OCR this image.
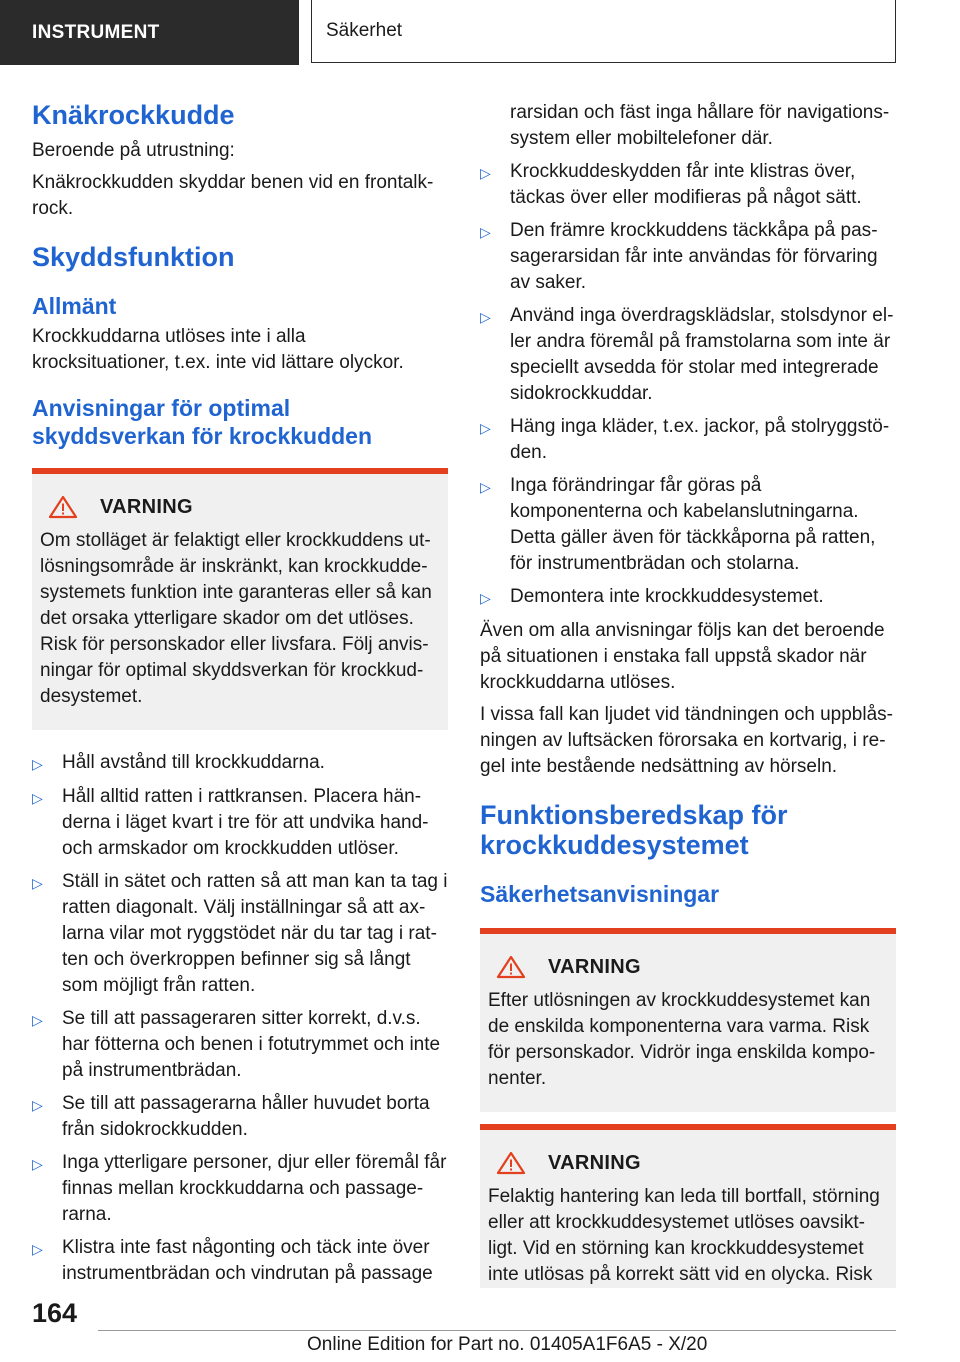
INSTRUMENT	Säkerhet
Knäkrockkudde

Beroende på utrustning:

Knäkrockkudden skyddar benen vid en frontalkrock.

Skyddsfunktion
Allmänt

Krockkuddarna utlöses inte i alla krocksituationer, t.ex. inte vid lättare olyckor.

Anvisningar för optimal skyddsverkan för krockkudden
VARNING

Om stolläget är felaktigt eller krockkuddens utlösningsområde är inskränkt, kan krockkuddesystemets funktion inte garanteras eller så kan det orsaka ytterligare skador om det utlöses. Risk för personskador eller livsfara. Följ anvisningar för optimal skyddsverkan för krockkuddesystemet.

▷	Håll avstånd till krockkuddarna.
▷	Håll alltid ratten i rattkransen. Placera händerna i läget kvart i tre för att undvika hand- och armskador om krockkudden utlöser.
▷	Ställ in sätet och ratten så att man kan ta tag i ratten diagonalt. Välj inställningar så att axlarna vilar mot ryggstödet när du tar tag i ratten och överkroppen befinner sig så långt som möjligt från ratten.
▷	Se till att passageraren sitter korrekt, d.v.s. har fötterna och benen i fotutrymmet och inte på instrumentbrädan.
▷	Se till att passagerarna håller huvudet borta från sidokrockkudden.
▷	Inga ytterligare personer, djur eller föremål får finnas mellan krockkuddarna och passagerarna.
▷	Klistra inte fast någonting och täck inte över instrumentbrädan och vindrutan på passage
rarsidan och fäst inga hållare för navigationssystem eller mobiltelefoner där.
▷	Krockkuddeskydden får inte klistras över, täckas över eller modifieras på något sätt.
▷	Den främre krockkuddens täckkåpa på passagerarsidan får inte användas för förvaring av saker.
▷	Använd inga överdragsklädslar, stolsdynor eller andra föremål på framstolarna som inte är speciellt avsedda för stolar med integrerade sidokrockkuddar.
▷	Häng inga kläder, t.ex. jackor, på stolryggstöden.
▷	Inga förändringar får göras på komponenterna och kabelanslutningarna. Detta gäller även för täckkåporna på ratten, för instrumentbrädan och stolarna.
▷	Demontera inte krockkuddesystemet.

Även om alla anvisningar följs kan det beroende på situationen i enstaka fall uppstå skador när krockkuddarna utlöses.

I vissa fall kan ljudet vid tändningen och uppblåsningen av luftsäcken förorsaka en kortvarig, i regel inte bestående nedsättning av hörseln.

Funktionsberedskap för krockkuddesystemet
Säkerhetsanvisningar
VARNING

Efter utlösningen av krockkuddesystemet kan de enskilda komponenterna vara varma. Risk för personskador. Vidrör inga enskilda komponenter.

VARNING

Felaktig hantering kan leda till bortfall, störning eller att krockkuddesystemet utlöses oavsiktligt. Vid en störning kan krockkuddesystemet inte utlösas på korrekt sätt vid en olycka. Risk

164
Online Edition for Part no. 01405A1F6A5 - X/20
